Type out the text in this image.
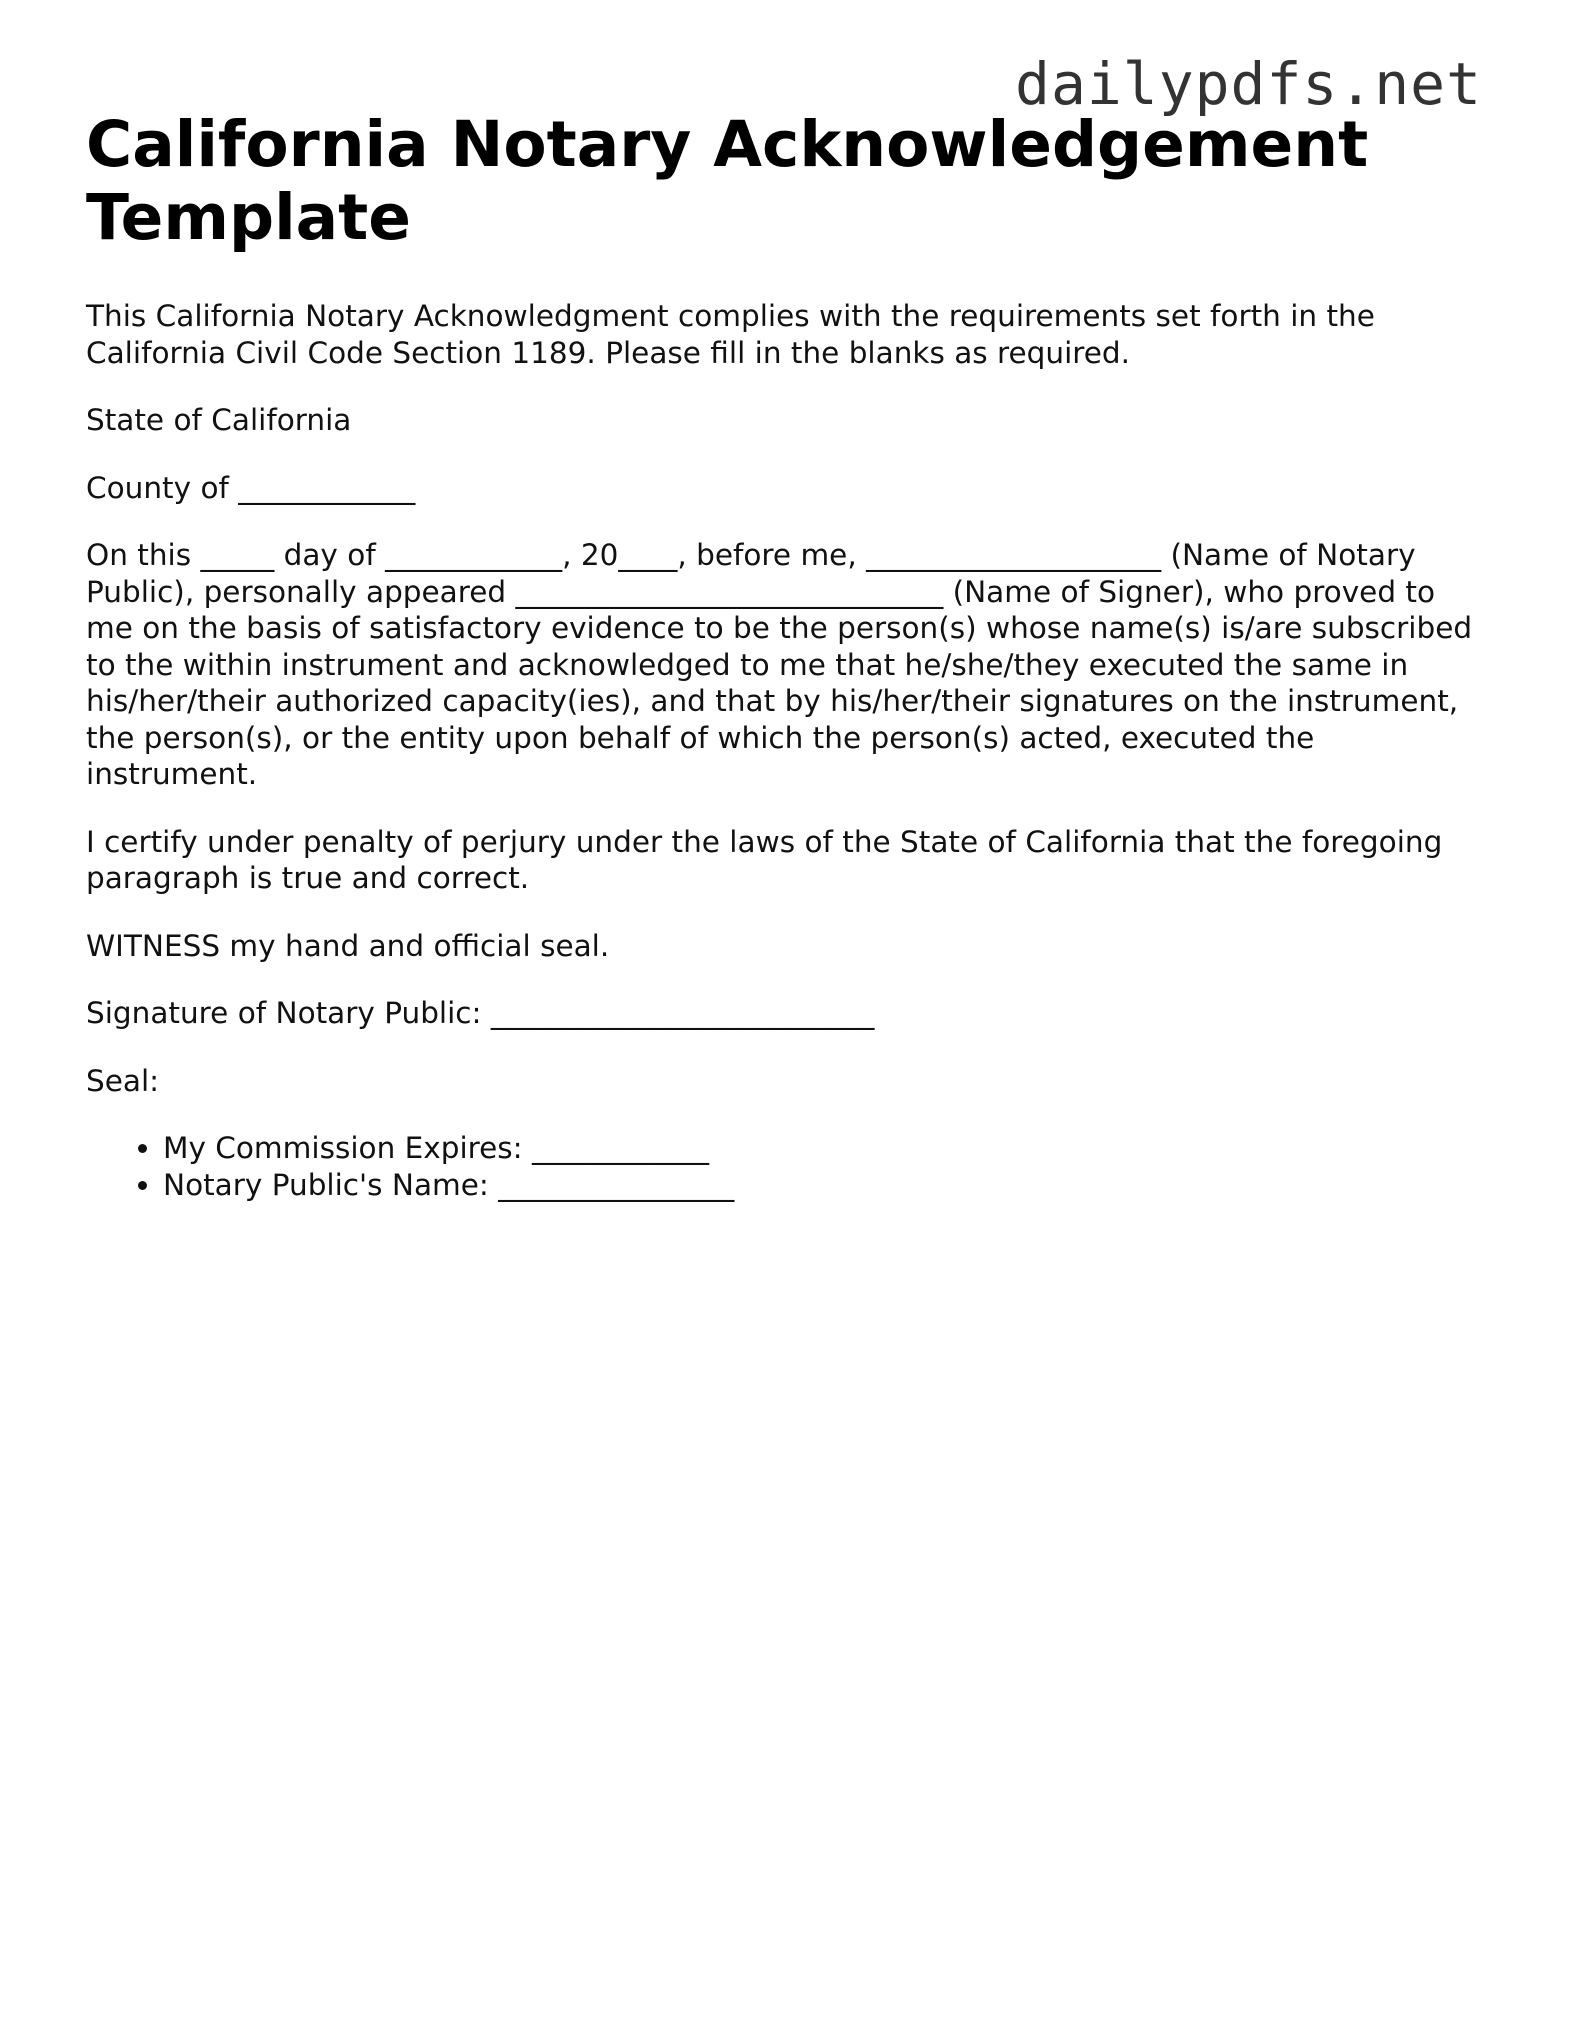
dailypdfs.net
California Notary Acknowledgement Template

This California Notary Acknowledgment complies with the requirements set forth in the California Civil Code Section 1189. Please fill in the blanks as required.

State of California

County of ____________

On this _____ day of ____________, 20____, before me, ____________________ (Name of Notary Public), personally appeared _____________________________ (Name of Signer), who proved to me on the basis of satisfactory evidence to be the person(s) whose name(s) is/are subscribed to the within instrument and acknowledged to me that he/she/they executed the same in his/her/their authorized capacity(ies), and that by his/her/their signatures on the instrument, the person(s), or the entity upon behalf of which the person(s) acted, executed the instrument.

I certify under penalty of perjury under the laws of the State of California that the foregoing paragraph is true and correct.

WITNESS my hand and official seal.

Signature of Notary Public: __________________________

Seal:

• My Commission Expires: ____________
• Notary Public's Name: ________________
